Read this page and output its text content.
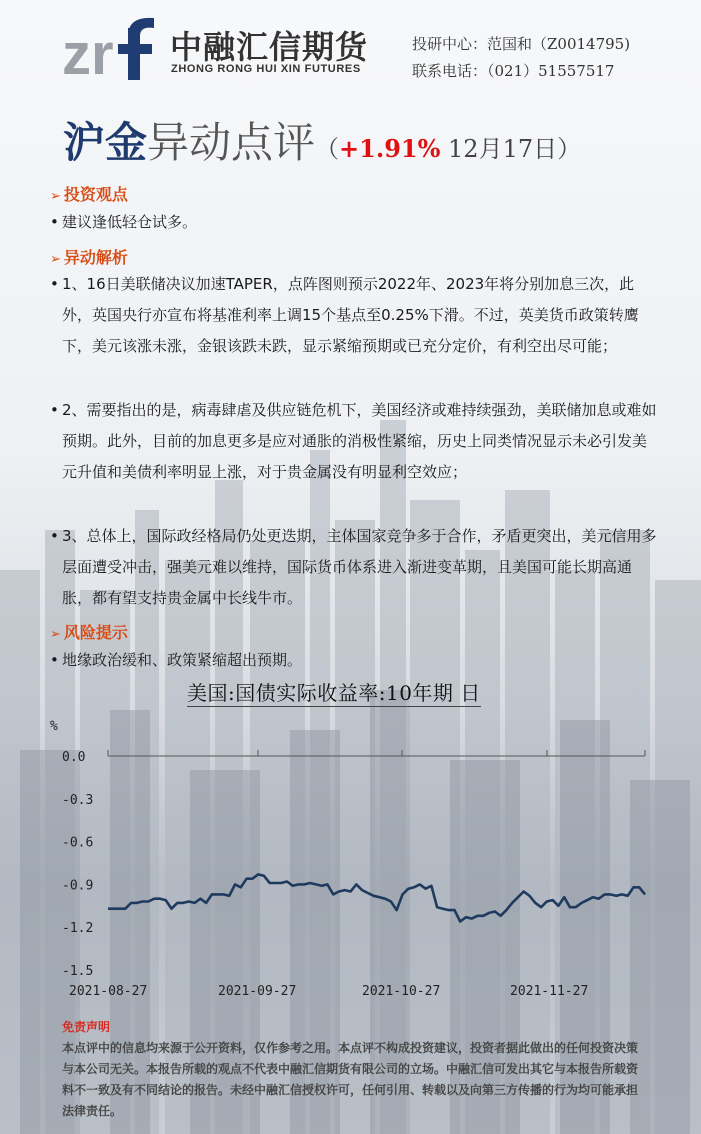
zr 中融汇信期货
ZHONG RONG HUI XIN FUTURES
投研中心：范国和（Z0014795)
联系电话：（021）51557517
沪金异动点评（+1.91% 12月17日）
➢ 投资观点
• 建议逢低轻仓试多。
➢ 异动解析
• 1、16日美联储决议加速TAPER，点阵图则预示2022年、2023年将分别加息三次，此外，英国央行亦宣布将基准利率上调15个基点至0.25%下滑。不过，英美货币政策转鹰下，美元该涨未涨，金银该跌未跌，显示紧缩预期或已充分定价，有利空出尽可能；
• 2、需要指出的是，病毒肆虐及供应链危机下，美国经济或难持续强劲，美联储加息或难如预期。此外，目前的加息更多是应对通胀的消极性紧缩，历史上同类情况显示未必引发美元升值和美债利率明显上涨，对于贵金属没有明显利空效应；
• 3、总体上，国际政经格局仍处更迭期，主体国家竞争多于合作，矛盾更突出，美元信用多层面遭受冲击，强美元难以维持，国际货币体系进入渐进变革期，且美国可能长期高通胀，都有望支持贵金属中长线牛市。
➢ 风险提示
• 地缘政治缓和、政策紧缩超出预期。
美国:国债实际收益率:10年期 日
%
0.0
-0.3
-0.6
-0.9
-1.2
-1.5
2021-08-27	2021-09-27	2021-10-27	2021-11-27
免责声明
本点评中的信息均来源于公开资料，仅作参考之用。本点评不构成投资建议，投资者据此做出的任何投资决策与本公司无关。本报告所载的观点不代表中融汇信期货有限公司的立场。中融汇信可发出其它与本报告所载资料不一致及有不同结论的报告。未经中融汇信授权许可，任何引用、转载以及向第三方传播的行为均可能承担法律责任。
